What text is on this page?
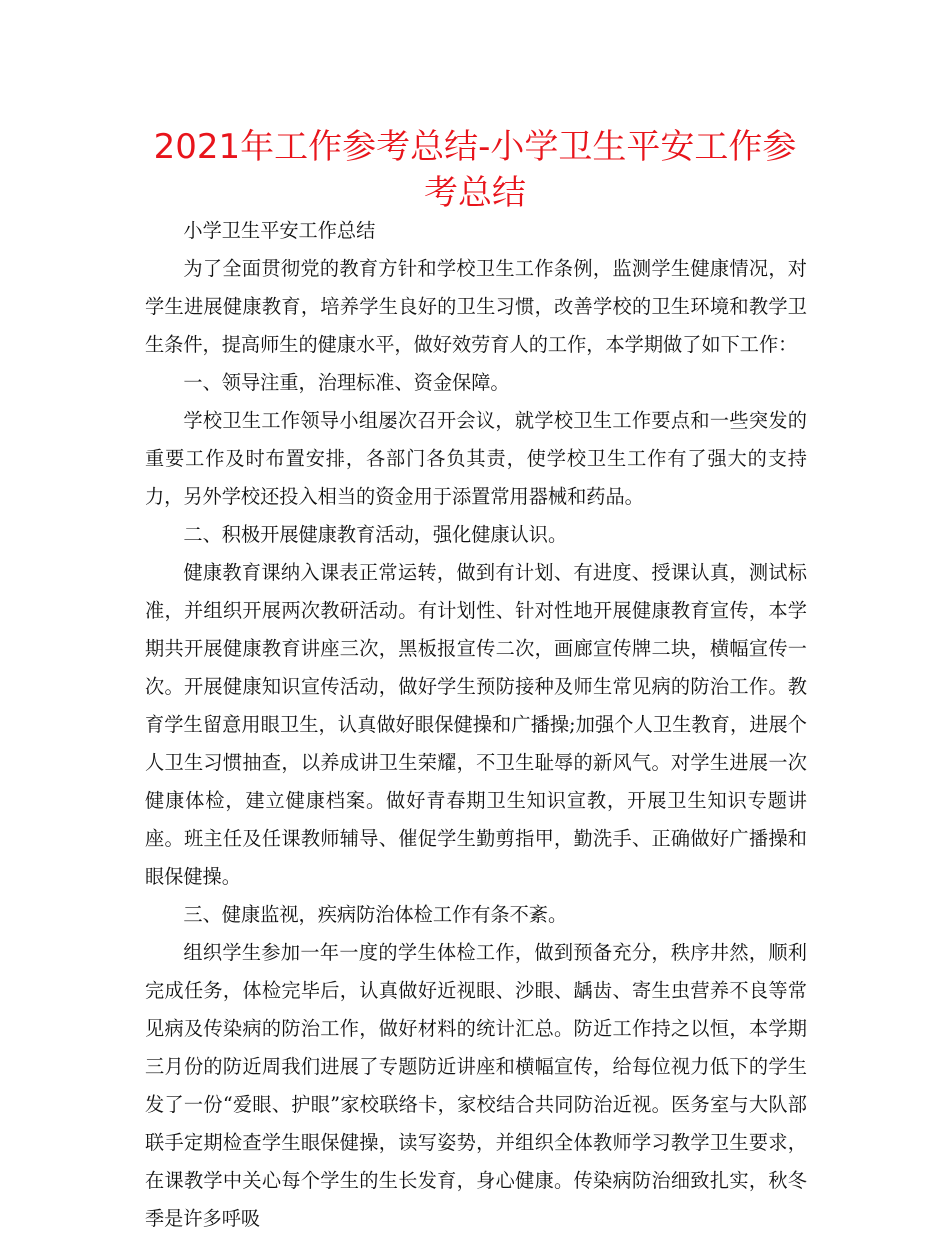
2021年工作参考总结-小学卫生平安工作参考总结

小学卫生平安工作总结

为了全面贯彻党的教育方针和学校卫生工作条例，监测学生健康情况，对学生进展健康教育，培养学生良好的卫生习惯，改善学校的卫生环境和教学卫生条件，提高师生的健康水平，做好效劳育人的工作，本学期做了如下工作：

一、领导注重，治理标准、资金保障。

学校卫生工作领导小组屡次召开会议，就学校卫生工作要点和一些突发的重要工作及时布置安排，各部门各负其责，使学校卫生工作有了强大的支持力，另外学校还投入相当的资金用于添置常用器械和药品。

二、积极开展健康教育活动，强化健康认识。

健康教育课纳入课表正常运转，做到有计划、有进度、授课认真，测试标准，并组织开展两次教研活动。有计划性、针对性地开展健康教育宣传，本学期共开展健康教育讲座三次，黑板报宣传二次，画廊宣传牌二块，横幅宣传一次。开展健康知识宣传活动，做好学生预防接种及师生常见病的防治工作。教育学生留意用眼卫生，认真做好眼保健操和广播操;加强个人卫生教育，进展个人卫生习惯抽查，以养成讲卫生荣耀，不卫生耻辱的新风气。对学生进展一次健康体检，建立健康档案。做好青春期卫生知识宣教，开展卫生知识专题讲座。班主任及任课教师辅导、催促学生勤剪指甲，勤洗手、正确做好广播操和眼保健操。

三、健康监视，疾病防治体检工作有条不紊。

组织学生参加一年一度的学生体检工作，做到预备充分，秩序井然，顺利完成任务，体检完毕后，认真做好近视眼、沙眼、龋齿、寄生虫营养不良等常见病及传染病的防治工作，做好材料的统计汇总。防近工作持之以恒，本学期三月份的防近周我们进展了专题防近讲座和横幅宣传，给每位视力低下的学生发了一份“爱眼、护眼”家校联络卡，家校结合共同防治近视。医务室与大队部联手定期检查学生眼保健操，读写姿势，并组织全体教师学习教学卫生要求，在课教学中关心每个学生的生长发育，身心健康。传染病防治细致扎实，秋冬季是许多呼吸
